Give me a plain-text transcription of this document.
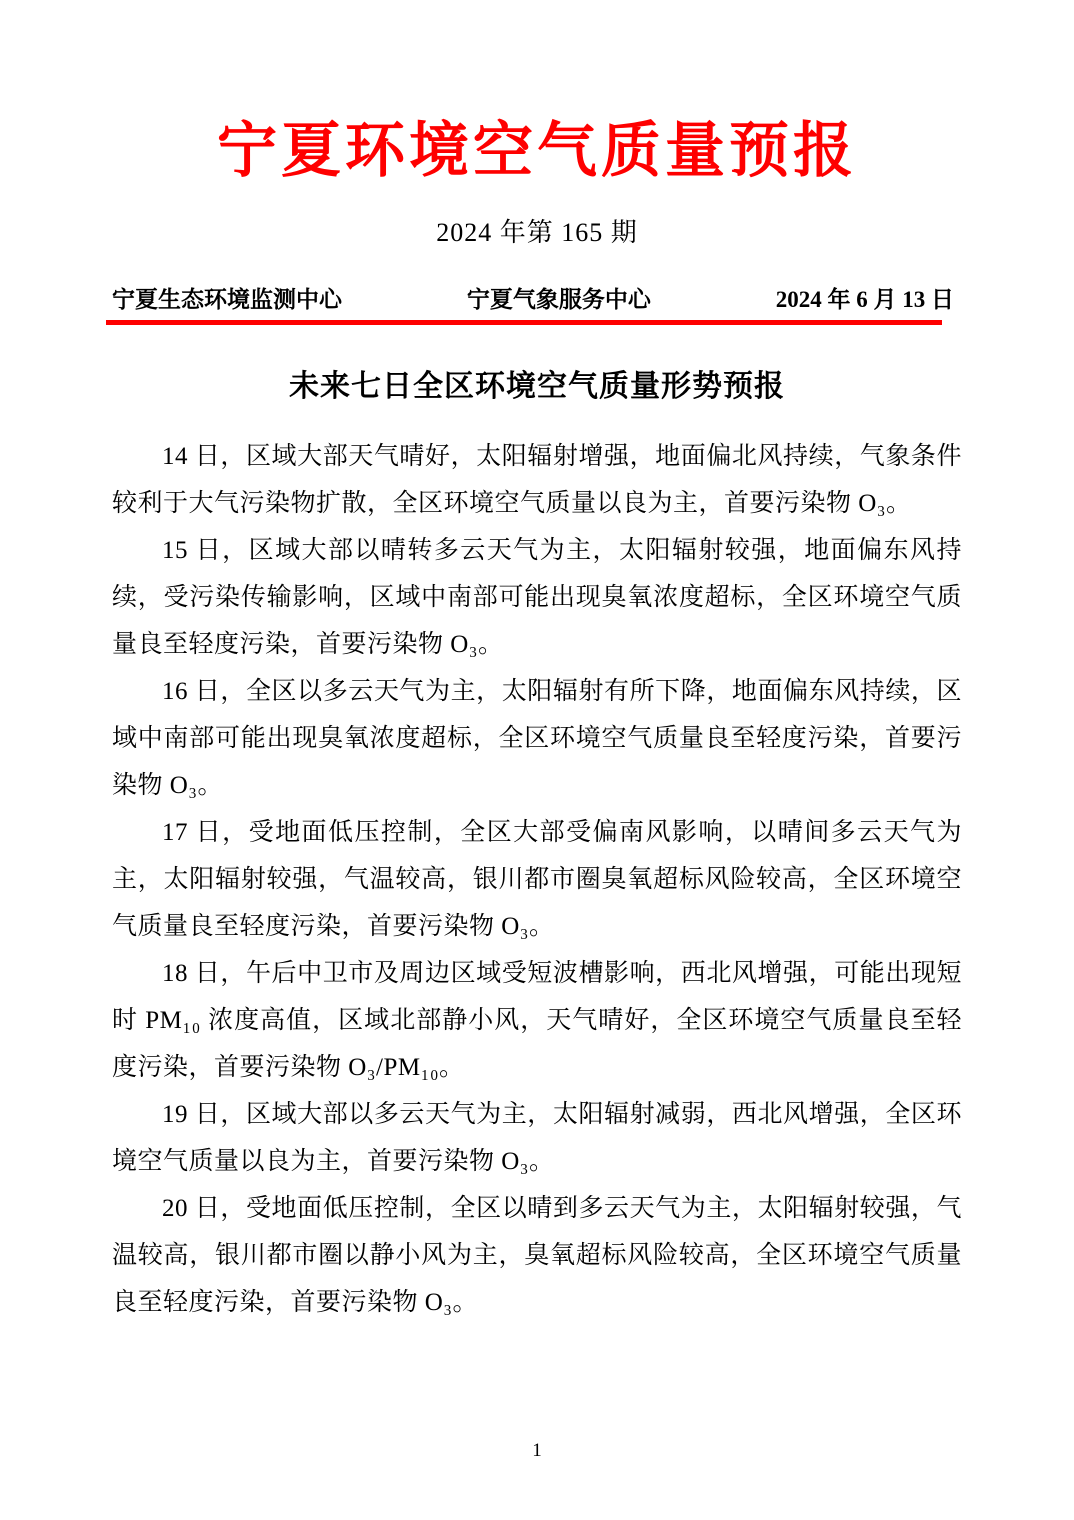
宁夏环境空气质量预报
2024 年第 165 期
宁夏生态环境监测中心	宁夏气象服务中心	2024 年 6 月 13 日
未来七日全区环境空气质量形势预报

14 日，区域大部天气晴好，太阳辐射增强，地面偏北风持续，气象条件较利于大气污染物扩散，全区环境空气质量以良为主，首要污染物 O₃。

15 日，区域大部以晴转多云天气为主，太阳辐射较强，地面偏东风持续，受污染传输影响，区域中南部可能出现臭氧浓度超标，全区环境空气质量良至轻度污染，首要污染物 O₃。

16 日，全区以多云天气为主，太阳辐射有所下降，地面偏东风持续，区域中南部可能出现臭氧浓度超标，全区环境空气质量良至轻度污染，首要污染物 O₃。

17 日，受地面低压控制，全区大部受偏南风影响，以晴间多云天气为主，太阳辐射较强，气温较高，银川都市圈臭氧超标风险较高，全区环境空气质量良至轻度污染，首要污染物 O₃。

18 日，午后中卫市及周边区域受短波槽影响，西北风增强，可能出现短时 PM₁₀ 浓度高值，区域北部静小风，天气晴好，全区环境空气质量良至轻度污染，首要污染物 O₃/PM₁₀。

19 日，区域大部以多云天气为主，太阳辐射减弱，西北风增强，全区环境空气质量以良为主，首要污染物 O₃。

20 日，受地面低压控制，全区以晴到多云天气为主，太阳辐射较强，气温较高，银川都市圈以静小风为主，臭氧超标风险较高，全区环境空气质量良至轻度污染，首要污染物 O₃。

1
